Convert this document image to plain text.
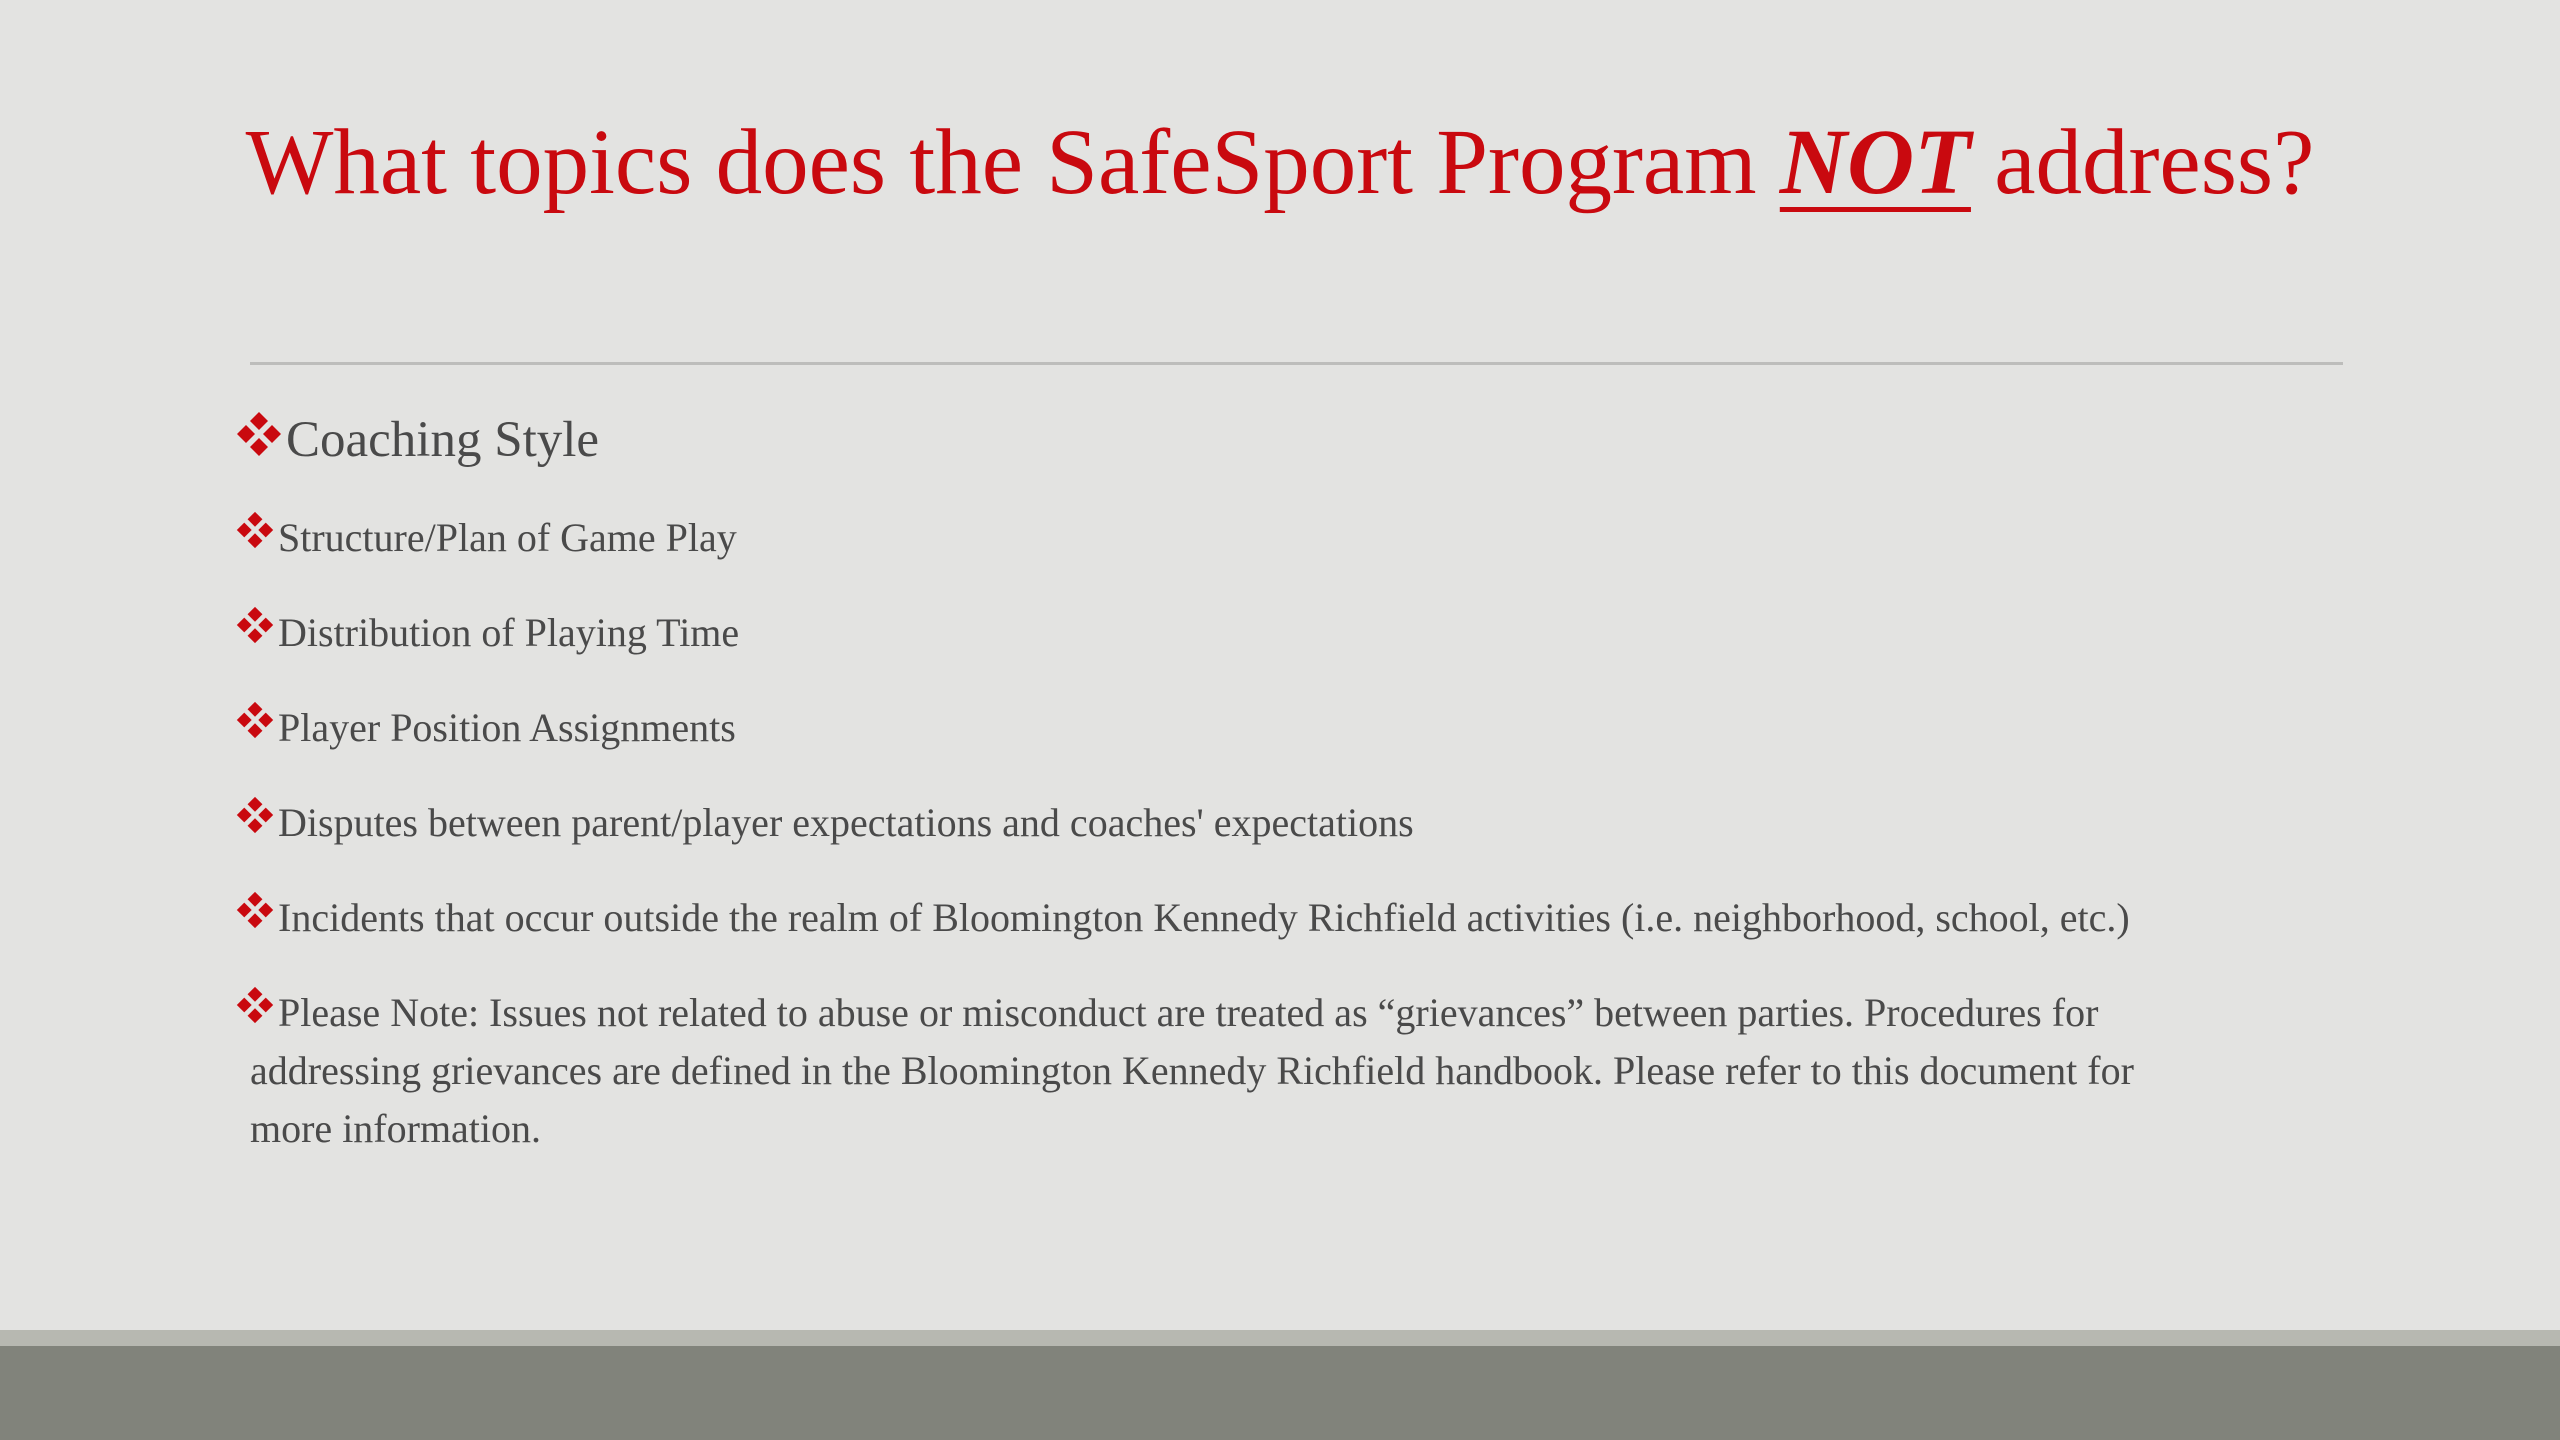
What topics does the SafeSport Program NOT address?
Coaching Style
Structure/Plan of Game Play
Distribution of Playing Time
Player Position Assignments
Disputes between parent/player expectations and coaches' expectations
Incidents that occur outside the realm of Bloomington Kennedy Richfield activities (i.e. neighborhood, school, etc.)
Please Note: Issues not related to abuse or misconduct are treated as “grievances” between parties. Procedures for
addressing grievances are defined in the Bloomington Kennedy Richfield handbook. Please refer to this document for
more information.
